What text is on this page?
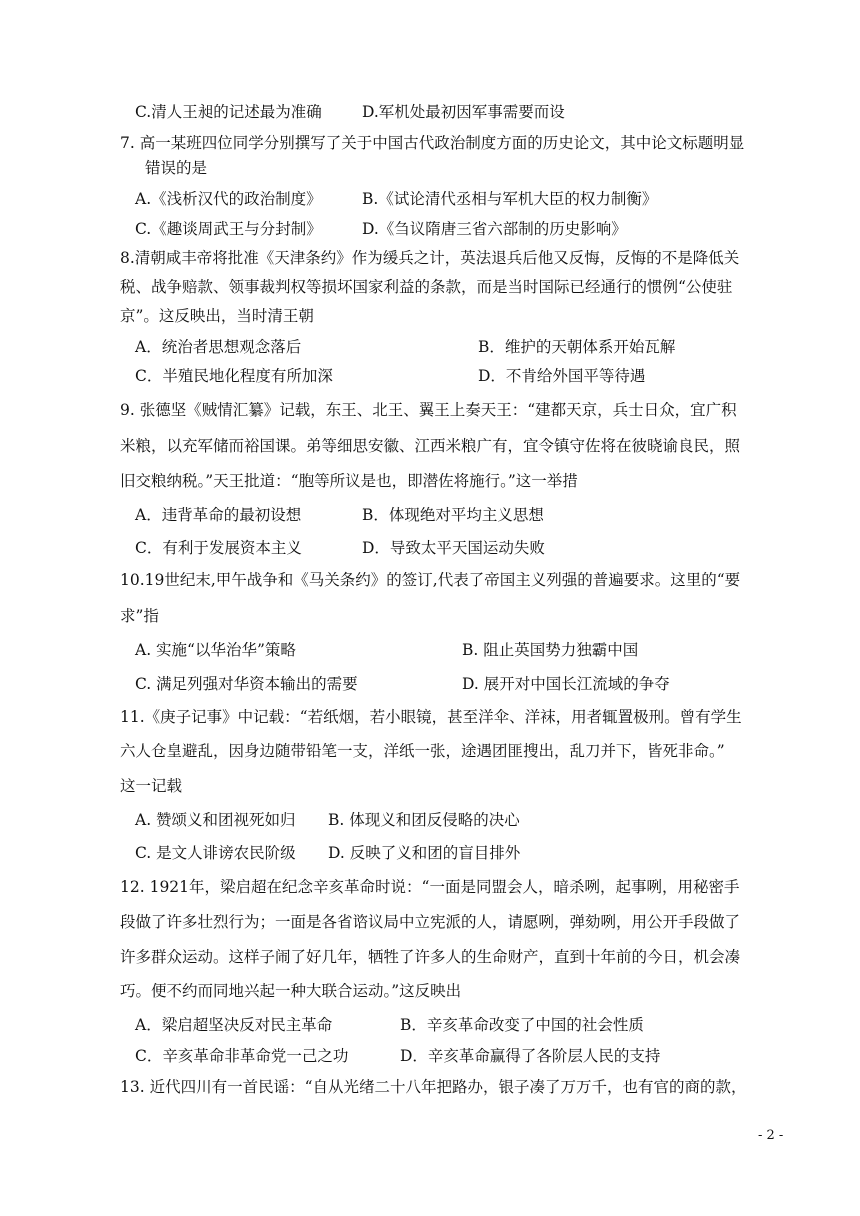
C.清人王昶的记述最为准确	D.军机处最初因军事需要而设
7. 高一某班四位同学分别撰写了关于中国古代政治制度方面的历史论文，其中论文标题明显
错误的是
A.《浅析汉代的政治制度》	B.《试论清代丞相与军机大臣的权力制衡》
C.《趣谈周武王与分封制》	D.《刍议隋唐三省六部制的历史影响》
8.清朝咸丰帝将批准《天津条约》作为缓兵之计，英法退兵后他又反悔，反悔的不是降低关
税、战争赔款、领事裁判权等损坏国家利益的条款，而是当时国际已经通行的惯例“公使驻
京”。这反映出，当时清王朝
A．统治者思想观念落后	B．维护的天朝体系开始瓦解
C．半殖民地化程度有所加深	D．不肯给外国平等待遇
9. 张德坚《贼情汇纂》记载，东王、北王、翼王上奏天王：“建都天京，兵士日众，宜广积
米粮，以充军储而裕国课。弟等细思安徽、江西米粮广有，宜令镇守佐将在彼晓谕良民，照
旧交粮纳税。”天王批道：“胞等所议是也，即潜佐将施行。”这一举措
A．违背革命的最初设想	B．体现绝对平均主义思想
C．有利于发展资本主义	D．导致太平天国运动失败
10.19世纪末,甲午战争和《马关条约》的签订,代表了帝国主义列强的普遍要求。这里的“要
求”指
A. 实施“以华治华”策略	B. 阻止英国势力独霸中国
C. 满足列强对华资本输出的需要	D. 展开对中国长江流域的争夺
11.《庚子记事》中记载：“若纸烟，若小眼镜，甚至洋伞、洋袜，用者辄置极刑。曾有学生
六人仓皇避乱，因身边随带铅笔一支，洋纸一张，途遇团匪搜出，乱刀并下，皆死非命。”
这一记载
A. 赞颂义和团视死如归 B. 体现义和团反侵略的决心
C. 是文人诽谤农民阶级 D. 反映了义和团的盲目排外
12. 1921年，梁启超在纪念辛亥革命时说：“一面是同盟会人，暗杀咧，起事咧，用秘密手
段做了许多壮烈行为；一面是各省谘议局中立宪派的人，请愿咧，弹劾咧，用公开手段做了
许多群众运动。这样子闹了好几年，牺牲了许多人的生命财产，直到十年前的今日，机会凑
巧。便不约而同地兴起一种大联合运动。”这反映出
A．梁启超坚决反对民主革命	B．辛亥革命改变了中国的社会性质
C．辛亥革命非革命党一己之功	D．辛亥革命赢得了各阶层人民的支持
13. 近代四川有一首民谣：“自从光绪二十八年把路办，银子凑了万万千，也有官的商的款，
- 2 -
